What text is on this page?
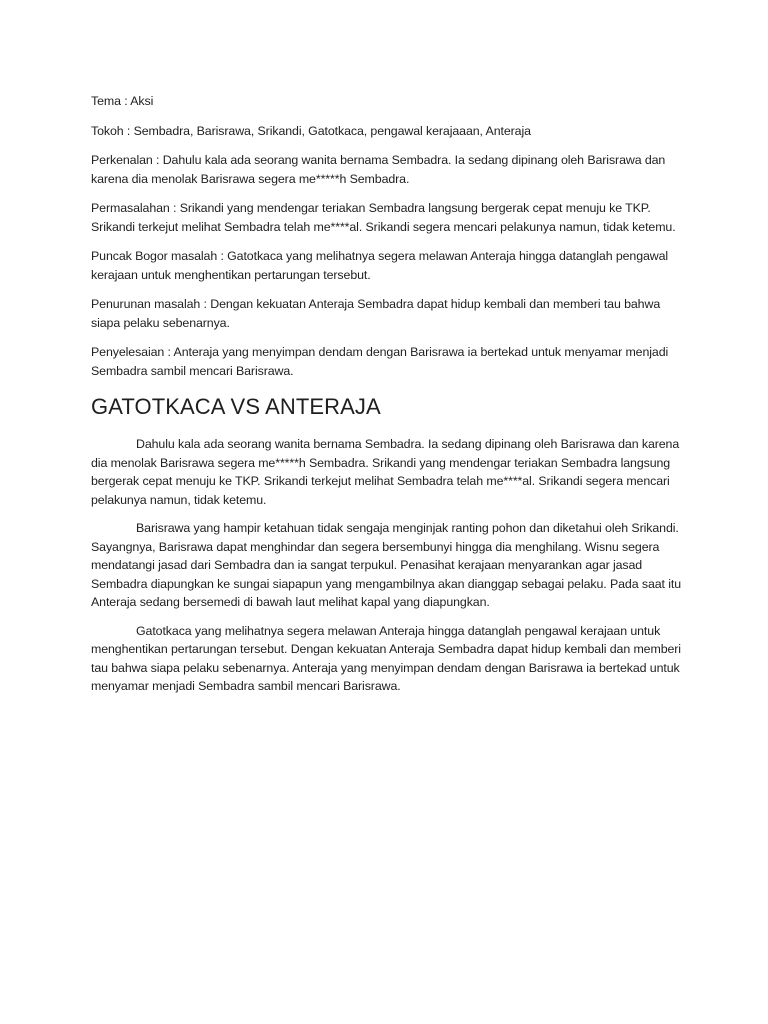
Tema : Aksi

Tokoh : Sembadra, Barisrawa, Srikandi, Gatotkaca, pengawal kerajaaan, Anteraja

Perkenalan : Dahulu kala ada seorang wanita bernama Sembadra. Ia sedang dipinang oleh Barisrawa dan karena dia menolak Barisrawa segera me*****h Sembadra.

Permasalahan : Srikandi yang mendengar teriakan Sembadra langsung bergerak cepat menuju ke TKP. Srikandi terkejut melihat Sembadra telah me****al. Srikandi segera mencari pelakunya namun, tidak ketemu.

Puncak Bogor masalah : Gatotkaca yang melihatnya segera melawan Anteraja hingga datanglah pengawal kerajaan untuk menghentikan pertarungan tersebut.

Penurunan masalah : Dengan kekuatan Anteraja Sembadra dapat hidup kembali dan memberi tau bahwa siapa pelaku sebenarnya.

Penyelesaian : Anteraja yang menyimpan dendam dengan Barisrawa ia bertekad untuk menyamar menjadi Sembadra sambil mencari Barisrawa.

GATOTKACA VS ANTERAJA

Dahulu kala ada seorang wanita bernama Sembadra. Ia sedang dipinang oleh Barisrawa dan karena dia menolak Barisrawa segera me*****h Sembadra. Srikandi yang mendengar teriakan Sembadra langsung bergerak cepat menuju ke TKP. Srikandi terkejut melihat Sembadra telah me****al. Srikandi segera mencari pelakunya namun, tidak ketemu.

Barisrawa yang hampir ketahuan tidak sengaja menginjak ranting pohon dan diketahui oleh Srikandi. Sayangnya, Barisrawa dapat menghindar dan segera bersembunyi hingga dia menghilang. Wisnu segera mendatangi jasad dari Sembadra dan ia sangat terpukul. Penasihat kerajaan menyarankan agar jasad Sembadra diapungkan ke sungai siapapun yang mengambilnya akan dianggap sebagai pelaku. Pada saat itu Anteraja sedang bersemedi di bawah laut melihat kapal yang diapungkan.

Gatotkaca yang melihatnya segera melawan Anteraja hingga datanglah pengawal kerajaan untuk menghentikan pertarungan tersebut. Dengan kekuatan Anteraja Sembadra dapat hidup kembali dan memberi tau bahwa siapa pelaku sebenarnya. Anteraja yang menyimpan dendam dengan Barisrawa ia bertekad untuk menyamar menjadi Sembadra sambil mencari Barisrawa.
